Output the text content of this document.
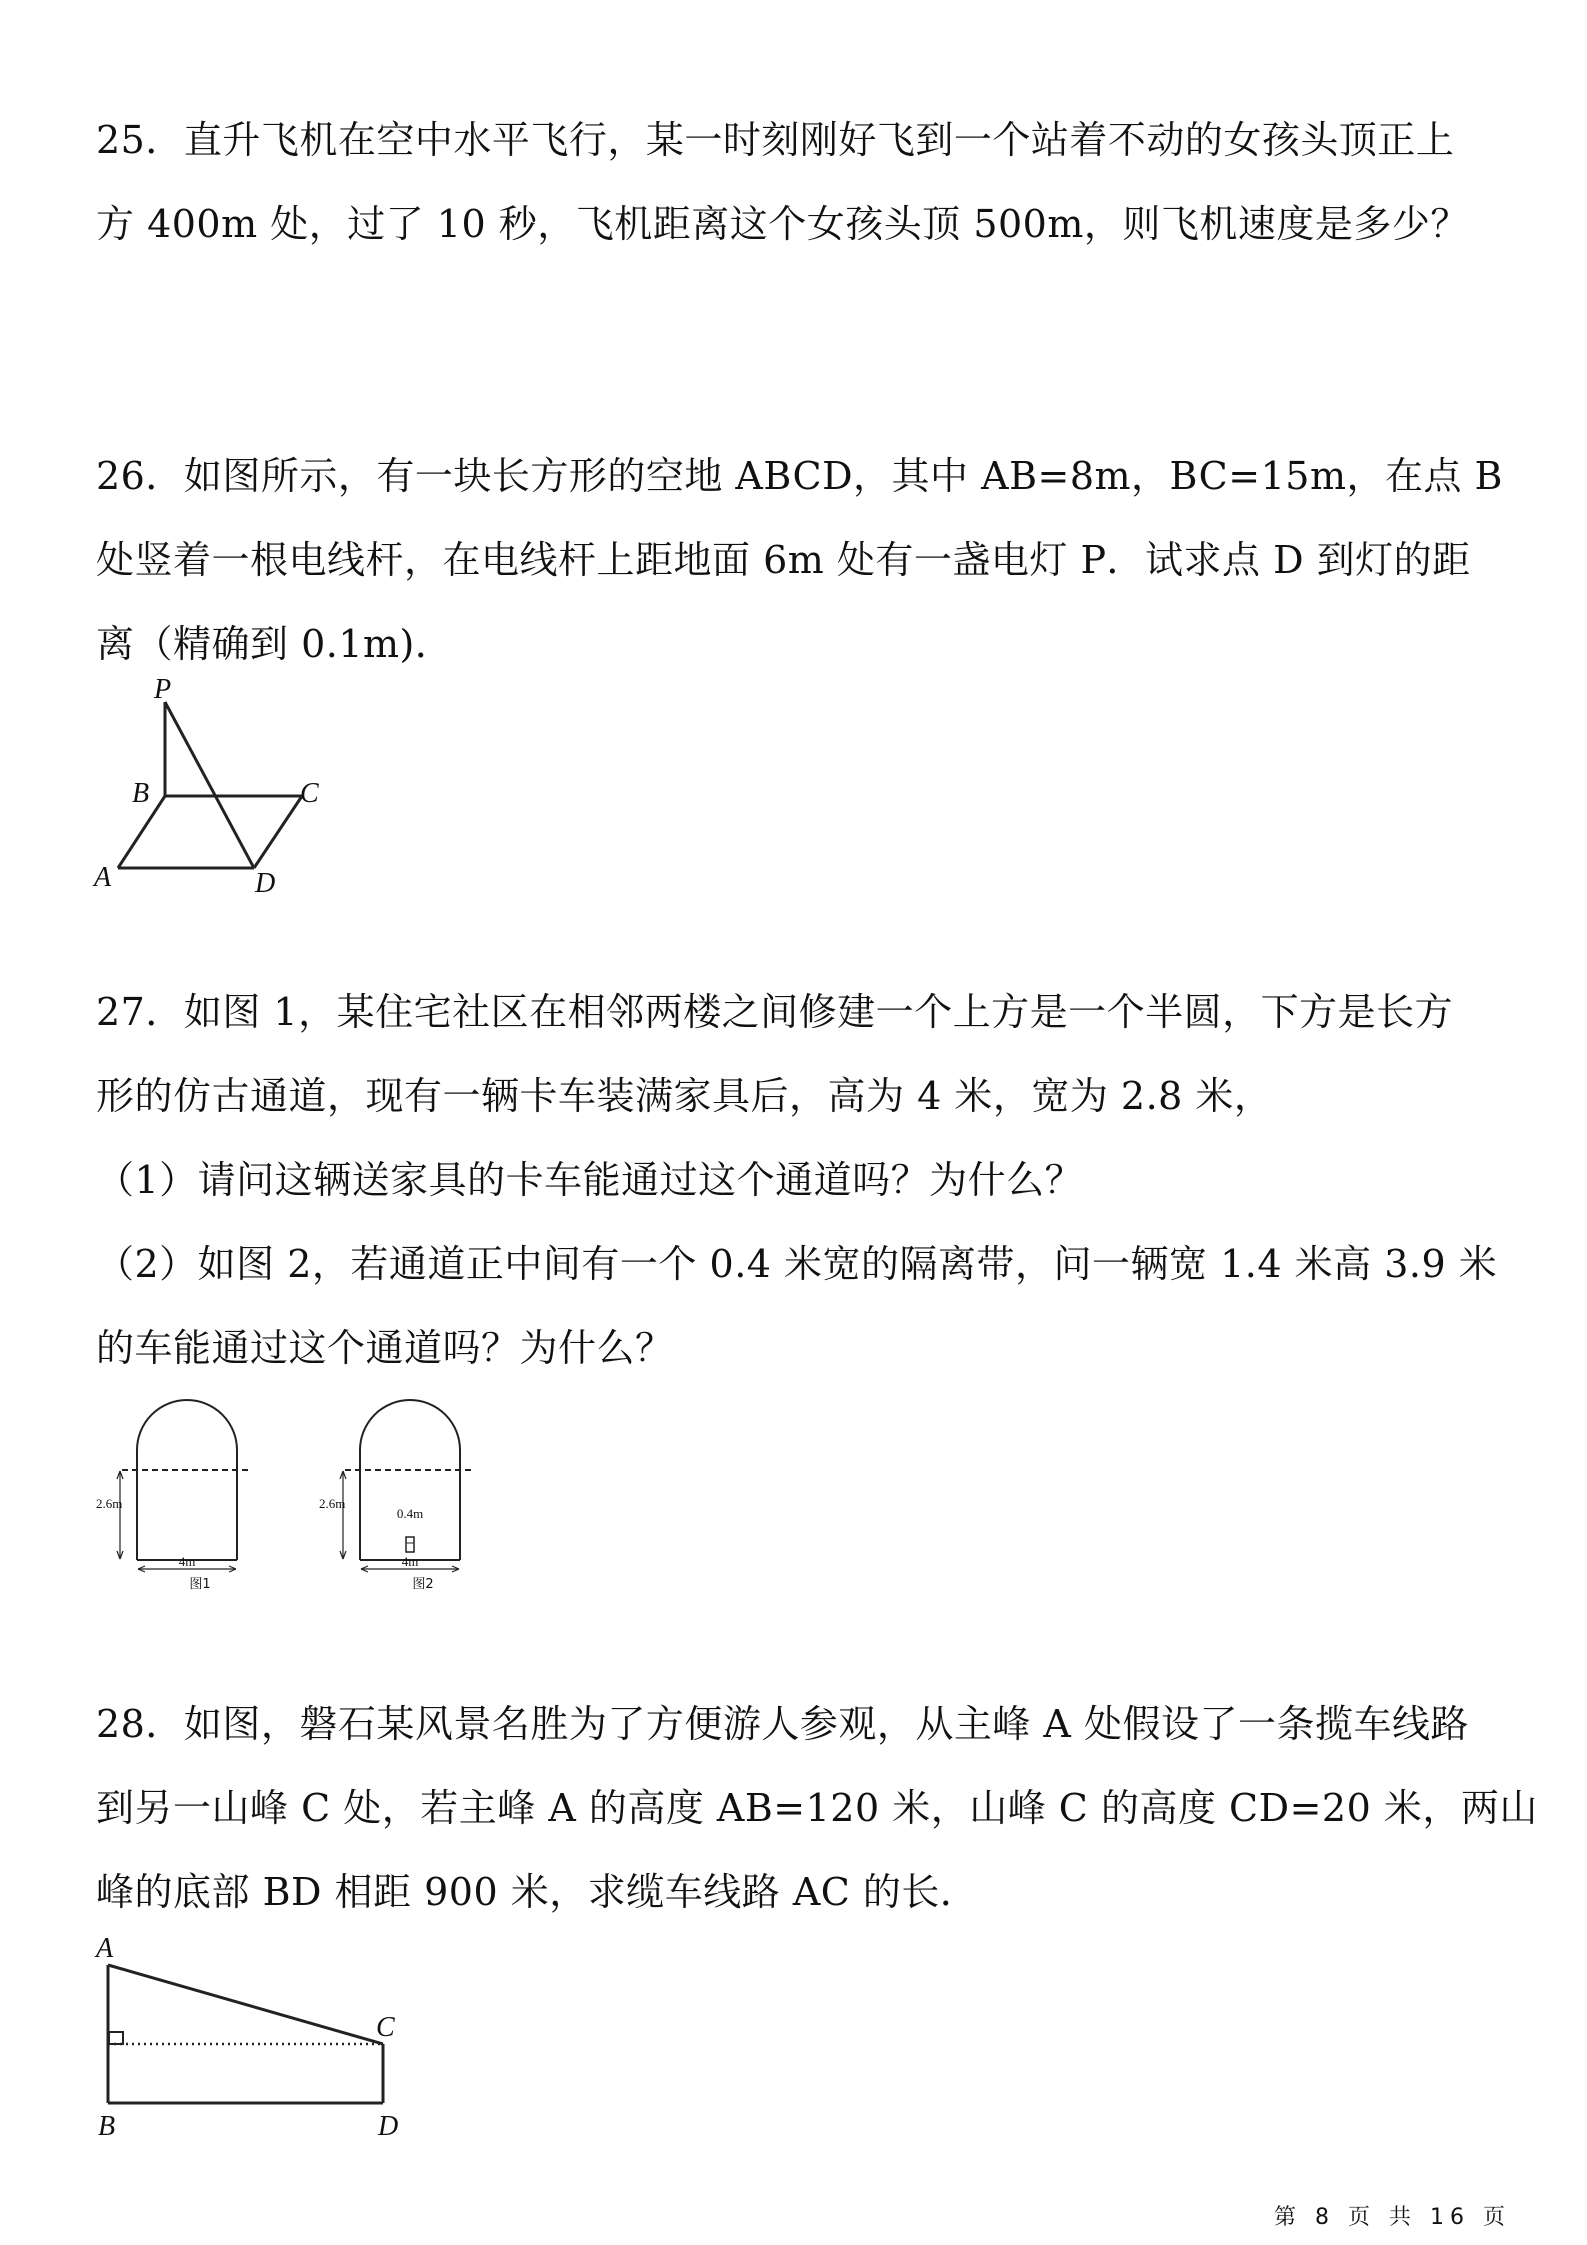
25．直升飞机在空中水平飞行，某一时刻刚好飞到一个站着不动的女孩头顶正上

方 400m 处，过了 10 秒，飞机距离这个女孩头顶 500m，则飞机速度是多少？

26．如图所示，有一块长方形的空地 ABCD，其中 AB=8m，BC=15m，在点 B

处竖着一根电线杆，在电线杆上距地面 6m 处有一盏电灯 P．试求点 D 到灯的距

离（精确到 0.1m)．

P
B	C
A	D

27．如图 1，某住宅社区在相邻两楼之间修建一个上方是一个半圆，下方是长方

形的仿古通道，现有一辆卡车装满家具后，高为 4 米，宽为 2.8 米，

（1）请问这辆送家具的卡车能通过这个通道吗？为什么？

（2）如图 2，若通道正中间有一个 0.4 米宽的隔离带，问一辆宽 1.4 米高 3.9 米

的车能通过这个通道吗？为什么？

2.6m
4m
图1
0.4m
2.6m
4m
图2

28．如图，磐石某风景名胜为了方便游人参观，从主峰 A 处假设了一条揽车线路

到另一山峰 C 处，若主峰 A 的高度 AB=120 米，山峰 C 的高度 CD=20 米，两山

峰的底部 BD 相距 900 米，求缆车线路 AC 的长．

A
C
B	D
第 8 页 共 16 页
